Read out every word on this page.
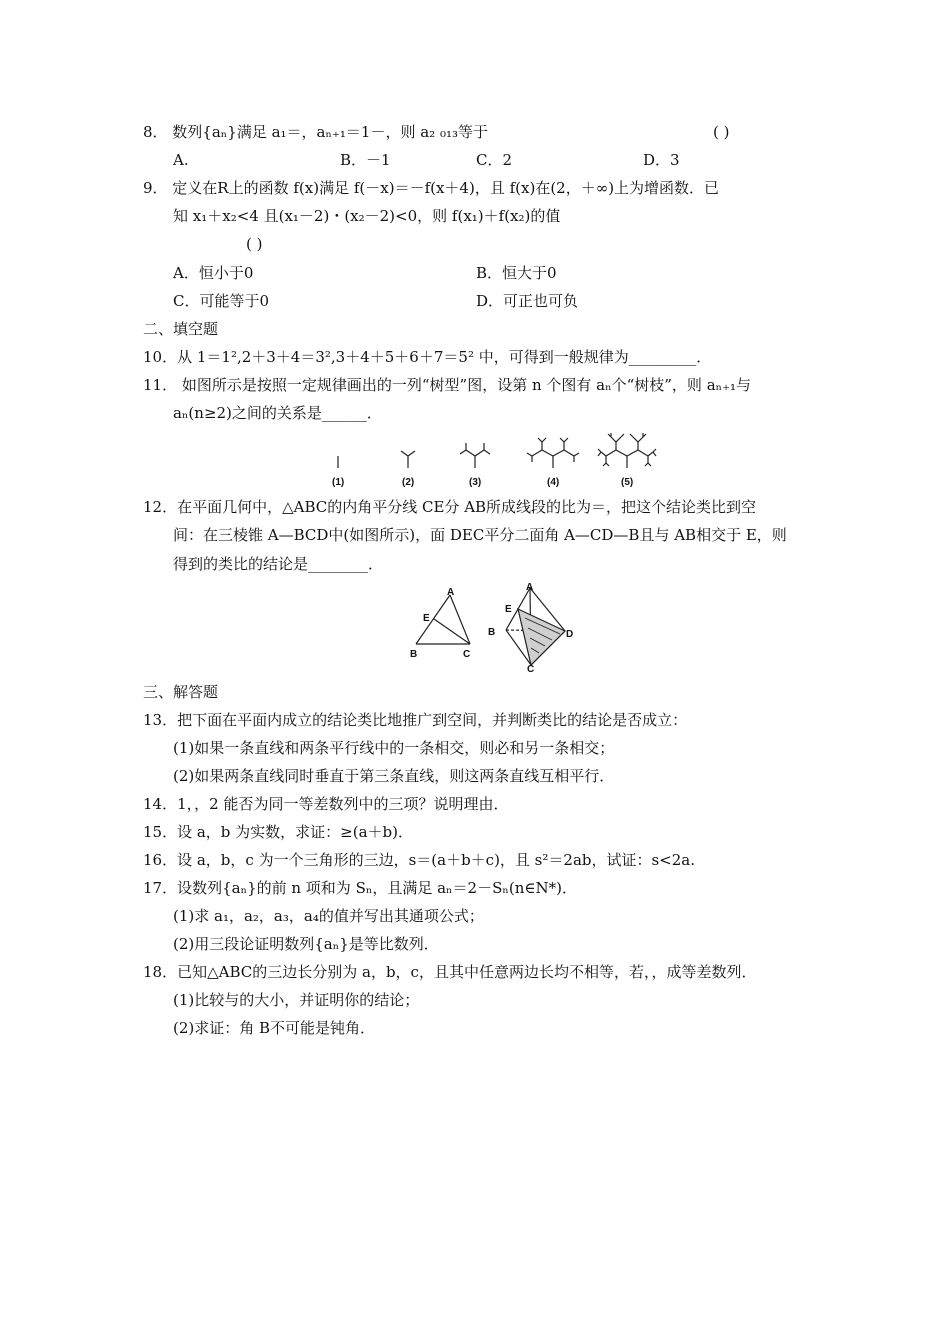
8． 数列{aₙ}满足 a₁＝，aₙ₊₁＝1－，则 a₂ ₀₁₃等于	( )
A.	B．－1	C．2	D．3
9． 定义在R上的函数 f(x)满足 f(－x)＝－f(x＋4)，且 f(x)在(2，＋∞)上为增函数．已
知 x₁＋x₂<4 且(x₁－2)・(x₂－2)<0，则 f(x₁)＋f(x₂)的值
( )
A．恒小于0	B．恒大于0
C．可能等于0	D．可正也可负
二、填空题
10．从 1＝1²,2＋3＋4＝3²,3＋4＋5＋6＋7＝5² 中，可得到一般规律为_________．
11． 如图所示是按照一定规律画出的一列“树型”图，设第 n 个图有 aₙ个“树枝”，则 aₙ₊₁与
aₙ(n≥2)之间的关系是______．
(1)	(2)	(3)	(4)	(5)
12．在平面几何中，△ABC的内角平分线 CE分 AB所成线段的比为＝，把这个结论类比到空
间：在三棱锥 A—BCD中(如图所示)，面 DEC平分二面角 A—CD—B且与 AB相交于 E，则
得到的类比的结论是________．
A
E
B	C
A
E
B	D
C
三、解答题
13．把下面在平面内成立的结论类比地推广到空间，并判断类比的结论是否成立：
(1)如果一条直线和两条平行线中的一条相交，则必和另一条相交；
(2)如果两条直线同时垂直于第三条直线，则这两条直线互相平行．
14．1，，2 能否为同一等差数列中的三项？说明理由．
15．设 a，b 为实数，求证：≥(a＋b)．
16．设 a，b，c 为一个三角形的三边，s＝(a＋b＋c)，且 s²＝2ab，试证：s<2a.
17．设数列{aₙ}的前 n 项和为 Sₙ，且满足 aₙ＝2－Sₙ(n∈N*)．
(1)求 a₁，a₂，a₃，a₄的值并写出其通项公式；
(2)用三段论证明数列{aₙ}是等比数列．
18．已知△ABC的三边长分别为 a，b，c，且其中任意两边长均不相等，若，，成等差数列．
(1)比较与的大小，并证明你的结论；
(2)求证：角 B不可能是钝角．
